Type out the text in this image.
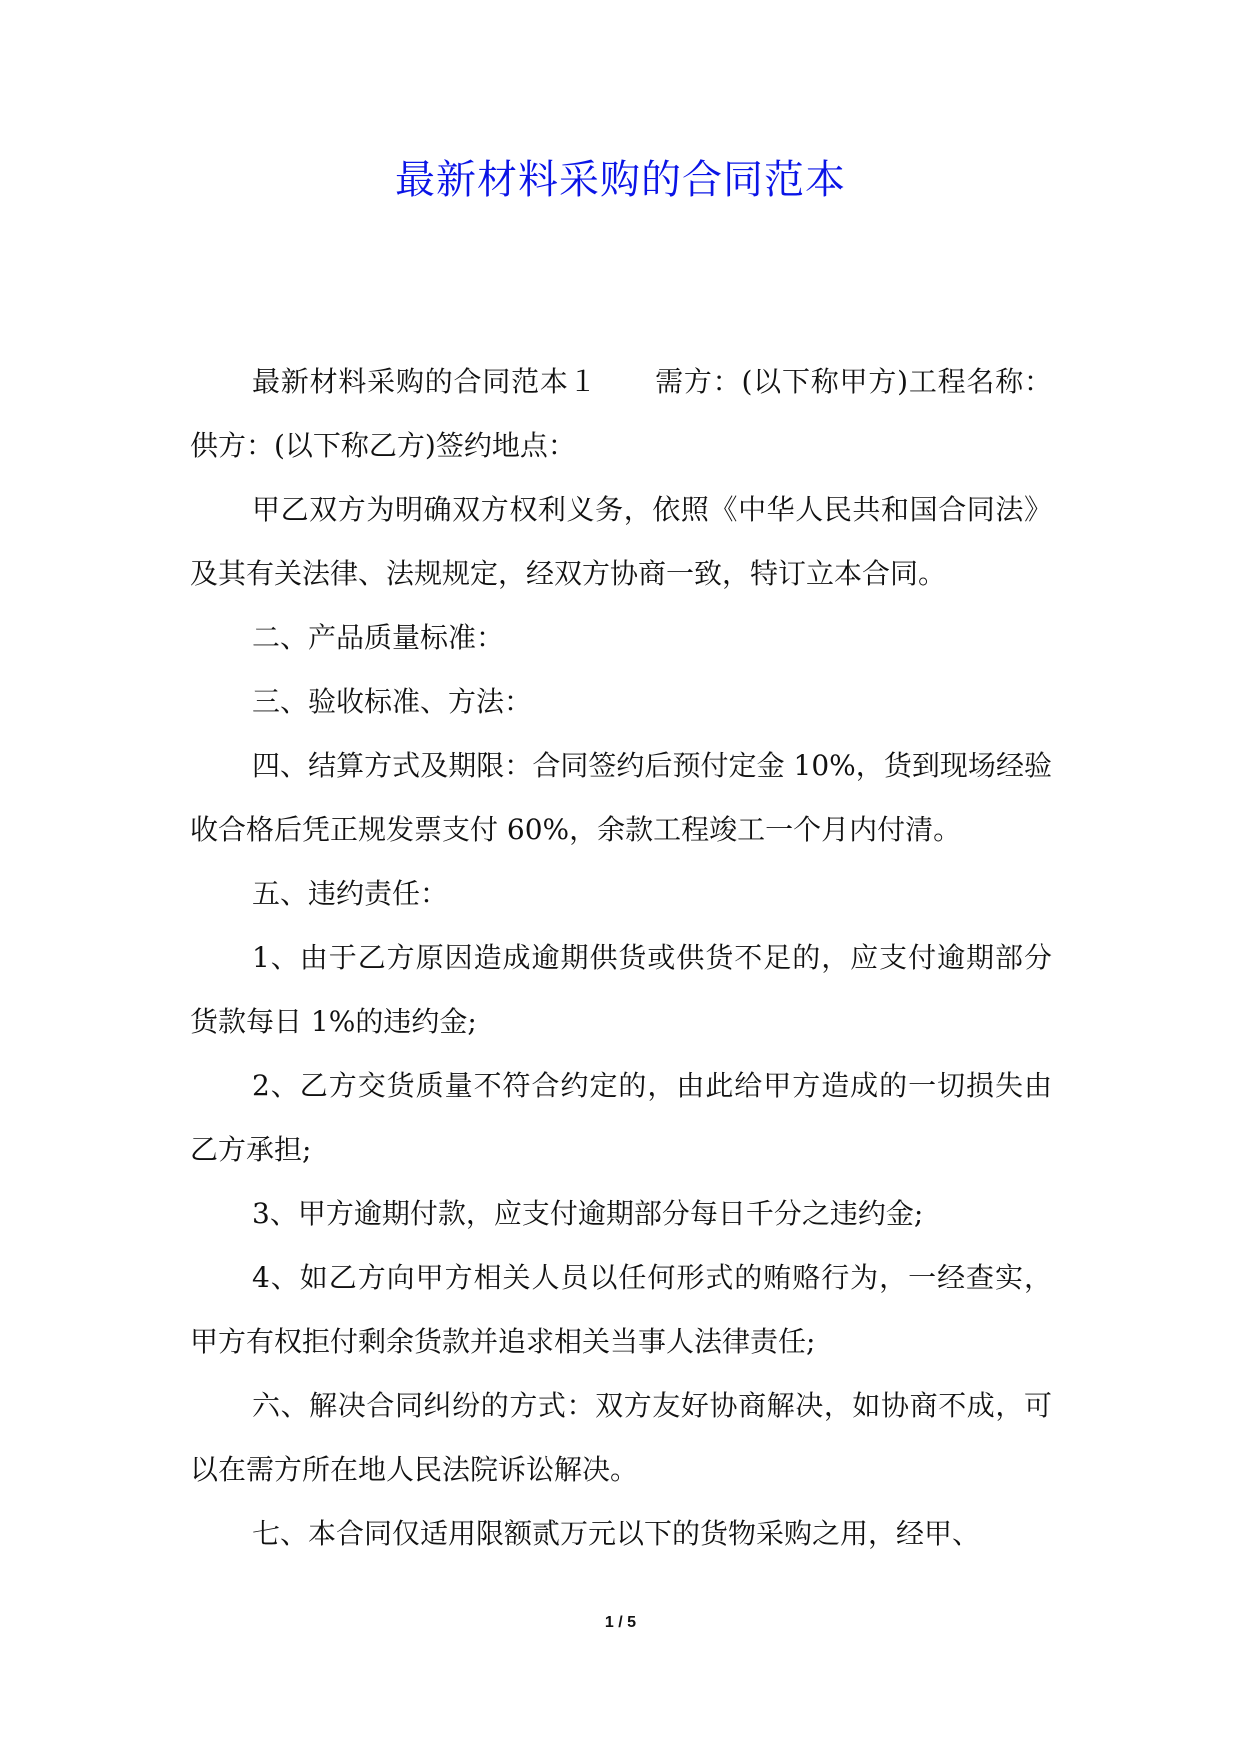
最新材料采购的合同范本

最新材料采购的合同范本１　　需方：(以下称甲方)工程名称：供方：(以下称乙方)签约地点：

甲乙双方为明确双方权利义务，依照《中华人民共和国合同法》及其有关法律、法规规定，经双方协商一致，特订立本合同。

二、产品质量标准：

三、验收标准、方法：

四、结算方式及期限：合同签约后预付定金 10%，货到现场经验收合格后凭正规发票支付 60%，余款工程竣工一个月内付清。

五、违约责任：

1、由于乙方原因造成逾期供货或供货不足的，应支付逾期部分货款每日 1%的违约金;

2、乙方交货质量不符合约定的，由此给甲方造成的一切损失由乙方承担;

3、甲方逾期付款，应支付逾期部分每日千分之违约金;

4、如乙方向甲方相关人员以任何形式的贿赂行为，一经查实，甲方有权拒付剩余货款并追求相关当事人法律责任;

六、解决合同纠纷的方式：双方友好协商解决，如协商不成，可以在需方所在地人民法院诉讼解决。

七、本合同仅适用限额贰万元以下的货物采购之用，经甲、

1 / 5
